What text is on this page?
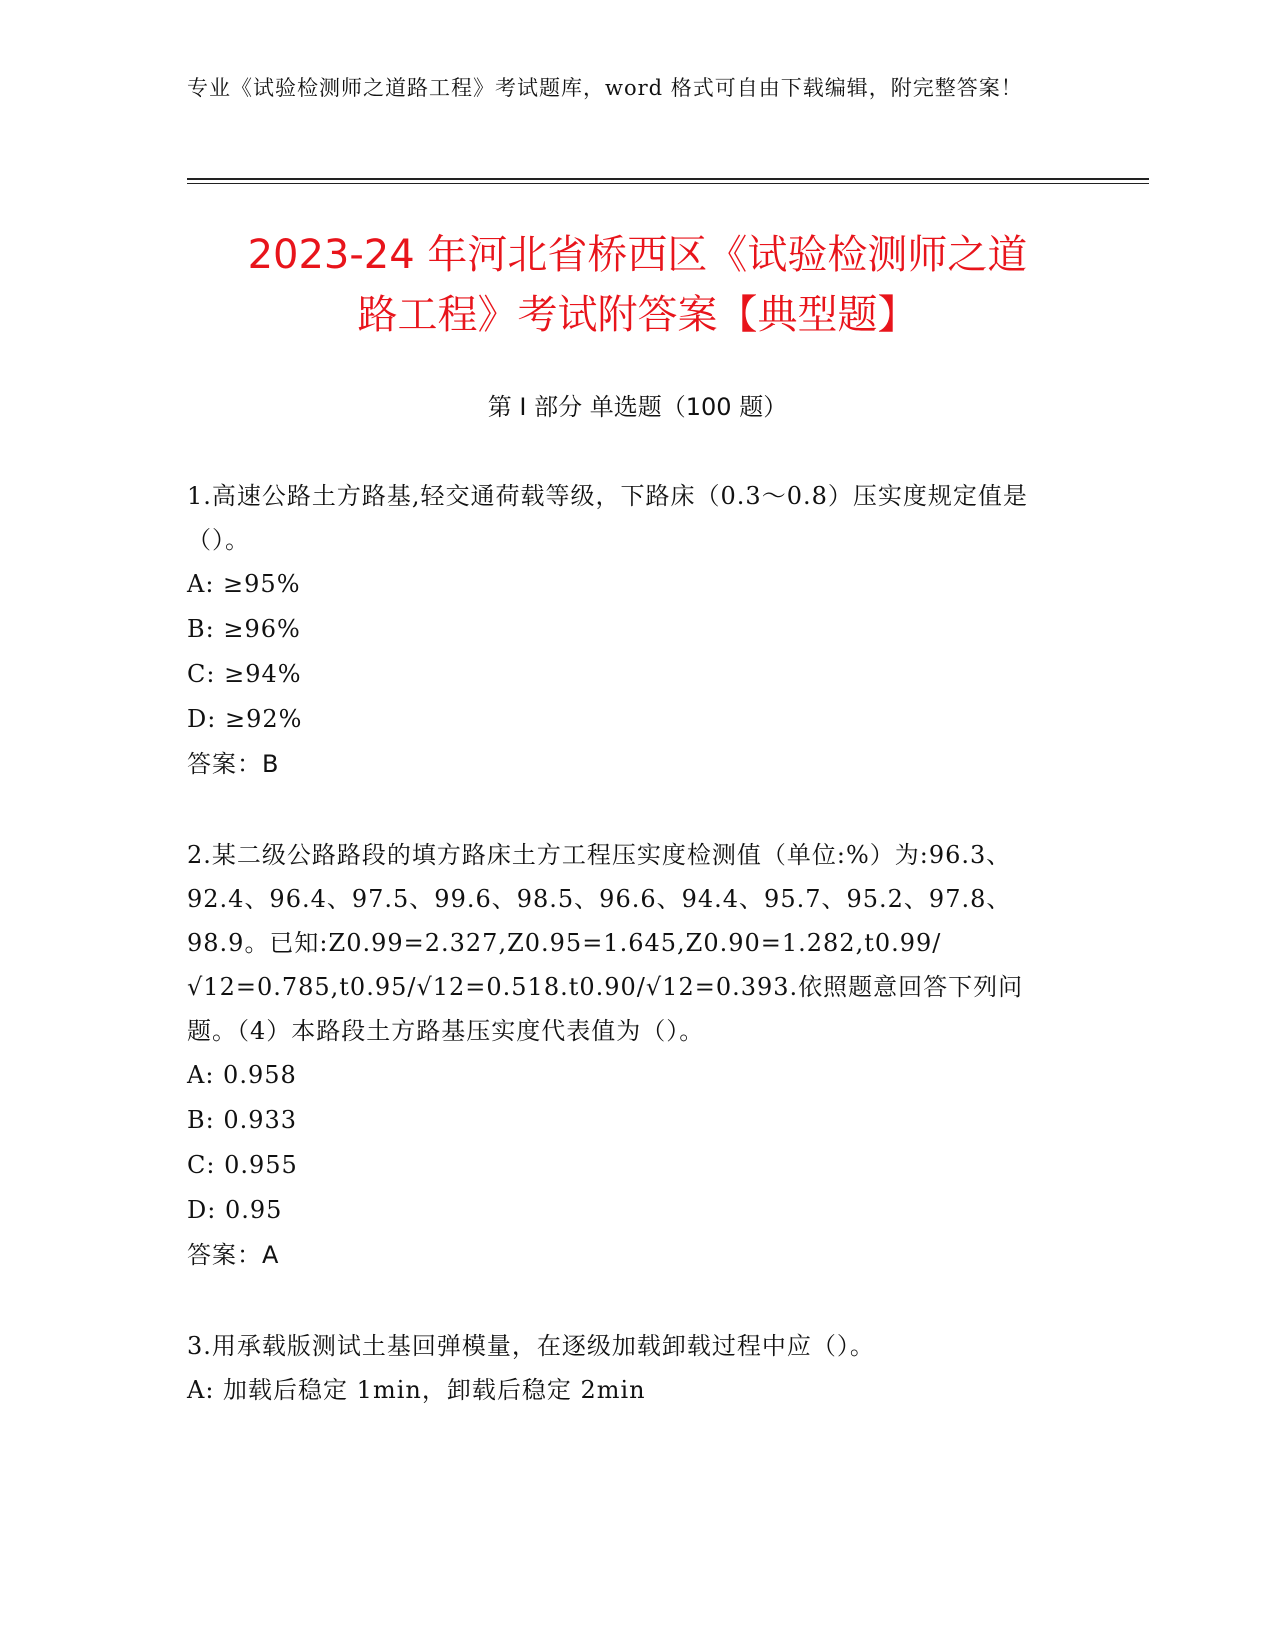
专业《试验检测师之道路工程》考试题库，word 格式可自由下载编辑，附完整答案！
2023-24 年河北省桥西区《试验检测师之道
路工程》考试附答案【典型题】
第 I 部分 单选题（100 题）

1.高速公路土方路基,轻交通荷载等级，下路床（0.3～0.8）压实度规定值是（）。

A: ≥95%
B: ≥96%
C: ≥94%
D: ≥92%
答案：B

2.某二级公路路段的填方路床土方工程压实度检测值（单位:%）为:96.3、92.4、96.4、97.5、99.6、98.5、96.6、94.4、95.7、95.2、97.8、98.9。已知:Z0.99=2.327,Z0.95=1.645,Z0.90=1.282,t0.99/√12=0.785,t0.95/√12=0.518.t0.90/√12=0.393.依照题意回答下列问题。（4）本路段土方路基压实度代表值为（）。

A: 0.958
B: 0.933
C: 0.955
D: 0.95
答案：A

3.用承载版测试土基回弹模量，在逐级加载卸载过程中应（）。

A: 加载后稳定 1min，卸载后稳定 2min
